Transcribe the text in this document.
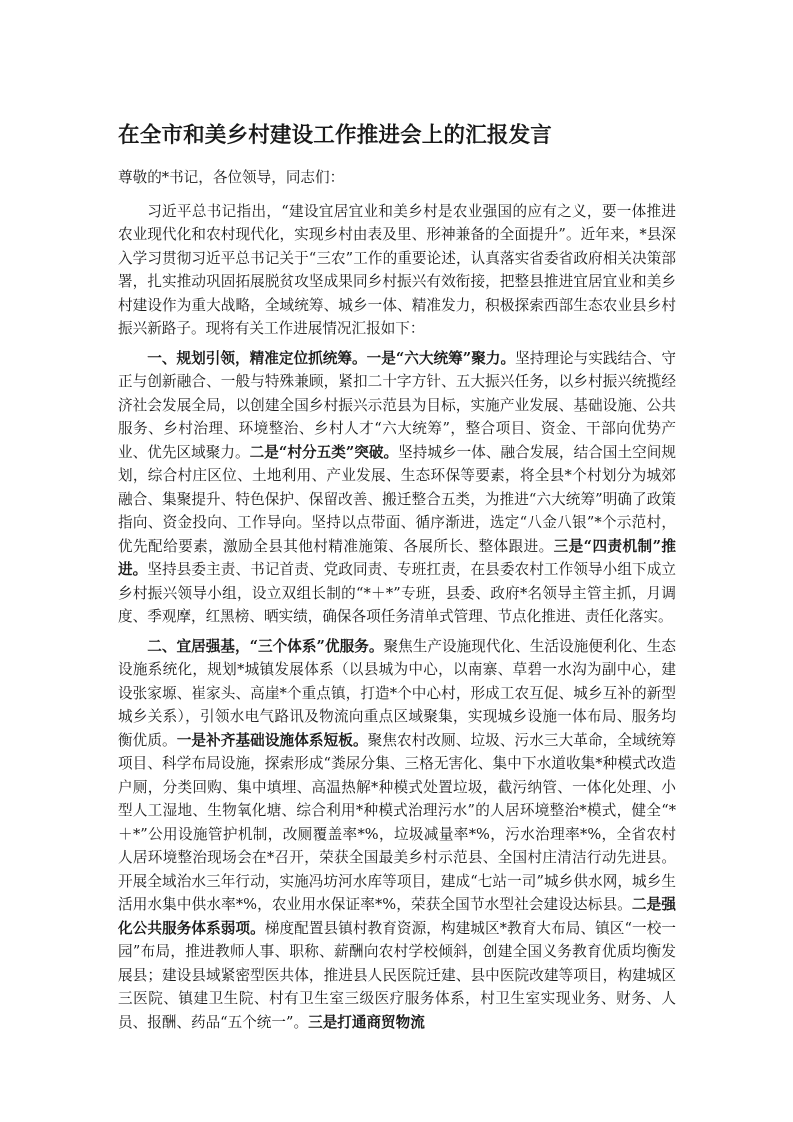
在全市和美乡村建设工作推进会上的汇报发言

尊敬的*书记，各位领导，同志们：

习近平总书记指出，“建设宜居宜业和美乡村是农业强国的应有之义，要一体推进农业现代化和农村现代化，实现乡村由表及里、形神兼备的全面提升”。近年来，*县深入学习贯彻习近平总书记关于“三农”工作的重要论述，认真落实省委省政府相关决策部署，扎实推动巩固拓展脱贫攻坚成果同乡村振兴有效衔接，把整县推进宜居宜业和美乡村建设作为重大战略，全域统筹、城乡一体、精准发力，积极探索西部生态农业县乡村振兴新路子。现将有关工作进展情况汇报如下：

一、规划引领，精准定位抓统筹。一是“六大统筹”聚力。坚持理论与实践结合、守正与创新融合、一般与特殊兼顾，紧扣二十字方针、五大振兴任务，以乡村振兴统揽经济社会发展全局，以创建全国乡村振兴示范县为目标，实施产业发展、基础设施、公共服务、乡村治理、环境整治、乡村人才“六大统筹”，整合项目、资金、干部向优势产业、优先区域聚力。二是“村分五类”突破。坚持城乡一体、融合发展，结合国土空间规划，综合村庄区位、土地利用、产业发展、生态环保等要素，将全县*个村划分为城郊融合、集聚提升、特色保护、保留改善、搬迁整合五类，为推进“六大统筹”明确了政策指向、资金投向、工作导向。坚持以点带面、循序渐进，选定“八金八银”*个示范村，优先配给要素，激励全县其他村精准施策、各展所长、整体跟进。三是“四责机制”推进。坚持县委主责、书记首责、党政同责、专班扛责，在县委农村工作领导小组下成立乡村振兴领导小组，设立双组长制的“*＋*”专班，县委、政府*名领导主管主抓，月调度、季观摩，红黑榜、晒实绩，确保各项任务清单式管理、节点化推进、责任化落实。

二、宜居强基，“三个体系”优服务。聚焦生产设施现代化、生活设施便利化、生态设施系统化，规划*城镇发展体系（以县城为中心，以南寨、草碧一水沟为副中心，建设张家塬、崔家头、高崖*个重点镇，打造*个中心村，形成工农互促、城乡互补的新型城乡关系），引领水电气路讯及物流向重点区域聚集，实现城乡设施一体布局、服务均衡优质。一是补齐基础设施体系短板。聚焦农村改厕、垃圾、污水三大革命，全域统筹项目、科学布局设施，探索形成“粪尿分集、三格无害化、集中下水道收集*种模式改造户厕，分类回购、集中填埋、高温热解*种模式处置垃圾，截污纳管、一体化处理、小型人工湿地、生物氧化塘、综合利用*种模式治理污水”的人居环境整治*模式，健全“*＋*”公用设施管护机制，改厕覆盖率*%，垃圾减量率*%，污水治理率*%，全省农村人居环境整治现场会在*召开，荣获全国最美乡村示范县、全国村庄清洁行动先进县。开展全域治水三年行动，实施冯坊河水库等项目，建成“七站一司”城乡供水网，城乡生活用水集中供水率*%，农业用水保证率*%，荣获全国节水型社会建设达标县。二是强化公共服务体系弱项。梯度配置县镇村教育资源，构建城区*教育大布局、镇区“一校一园”布局，推进教师人事、职称、薪酬向农村学校倾斜，创建全国义务教育优质均衡发展县；建设县域紧密型医共体，推进县人民医院迁建、县中医院改建等项目，构建城区三医院、镇建卫生院、村有卫生室三级医疗服务体系，村卫生室实现业务、财务、人员、报酬、药品“五个统一”。三是打通商贸物流
